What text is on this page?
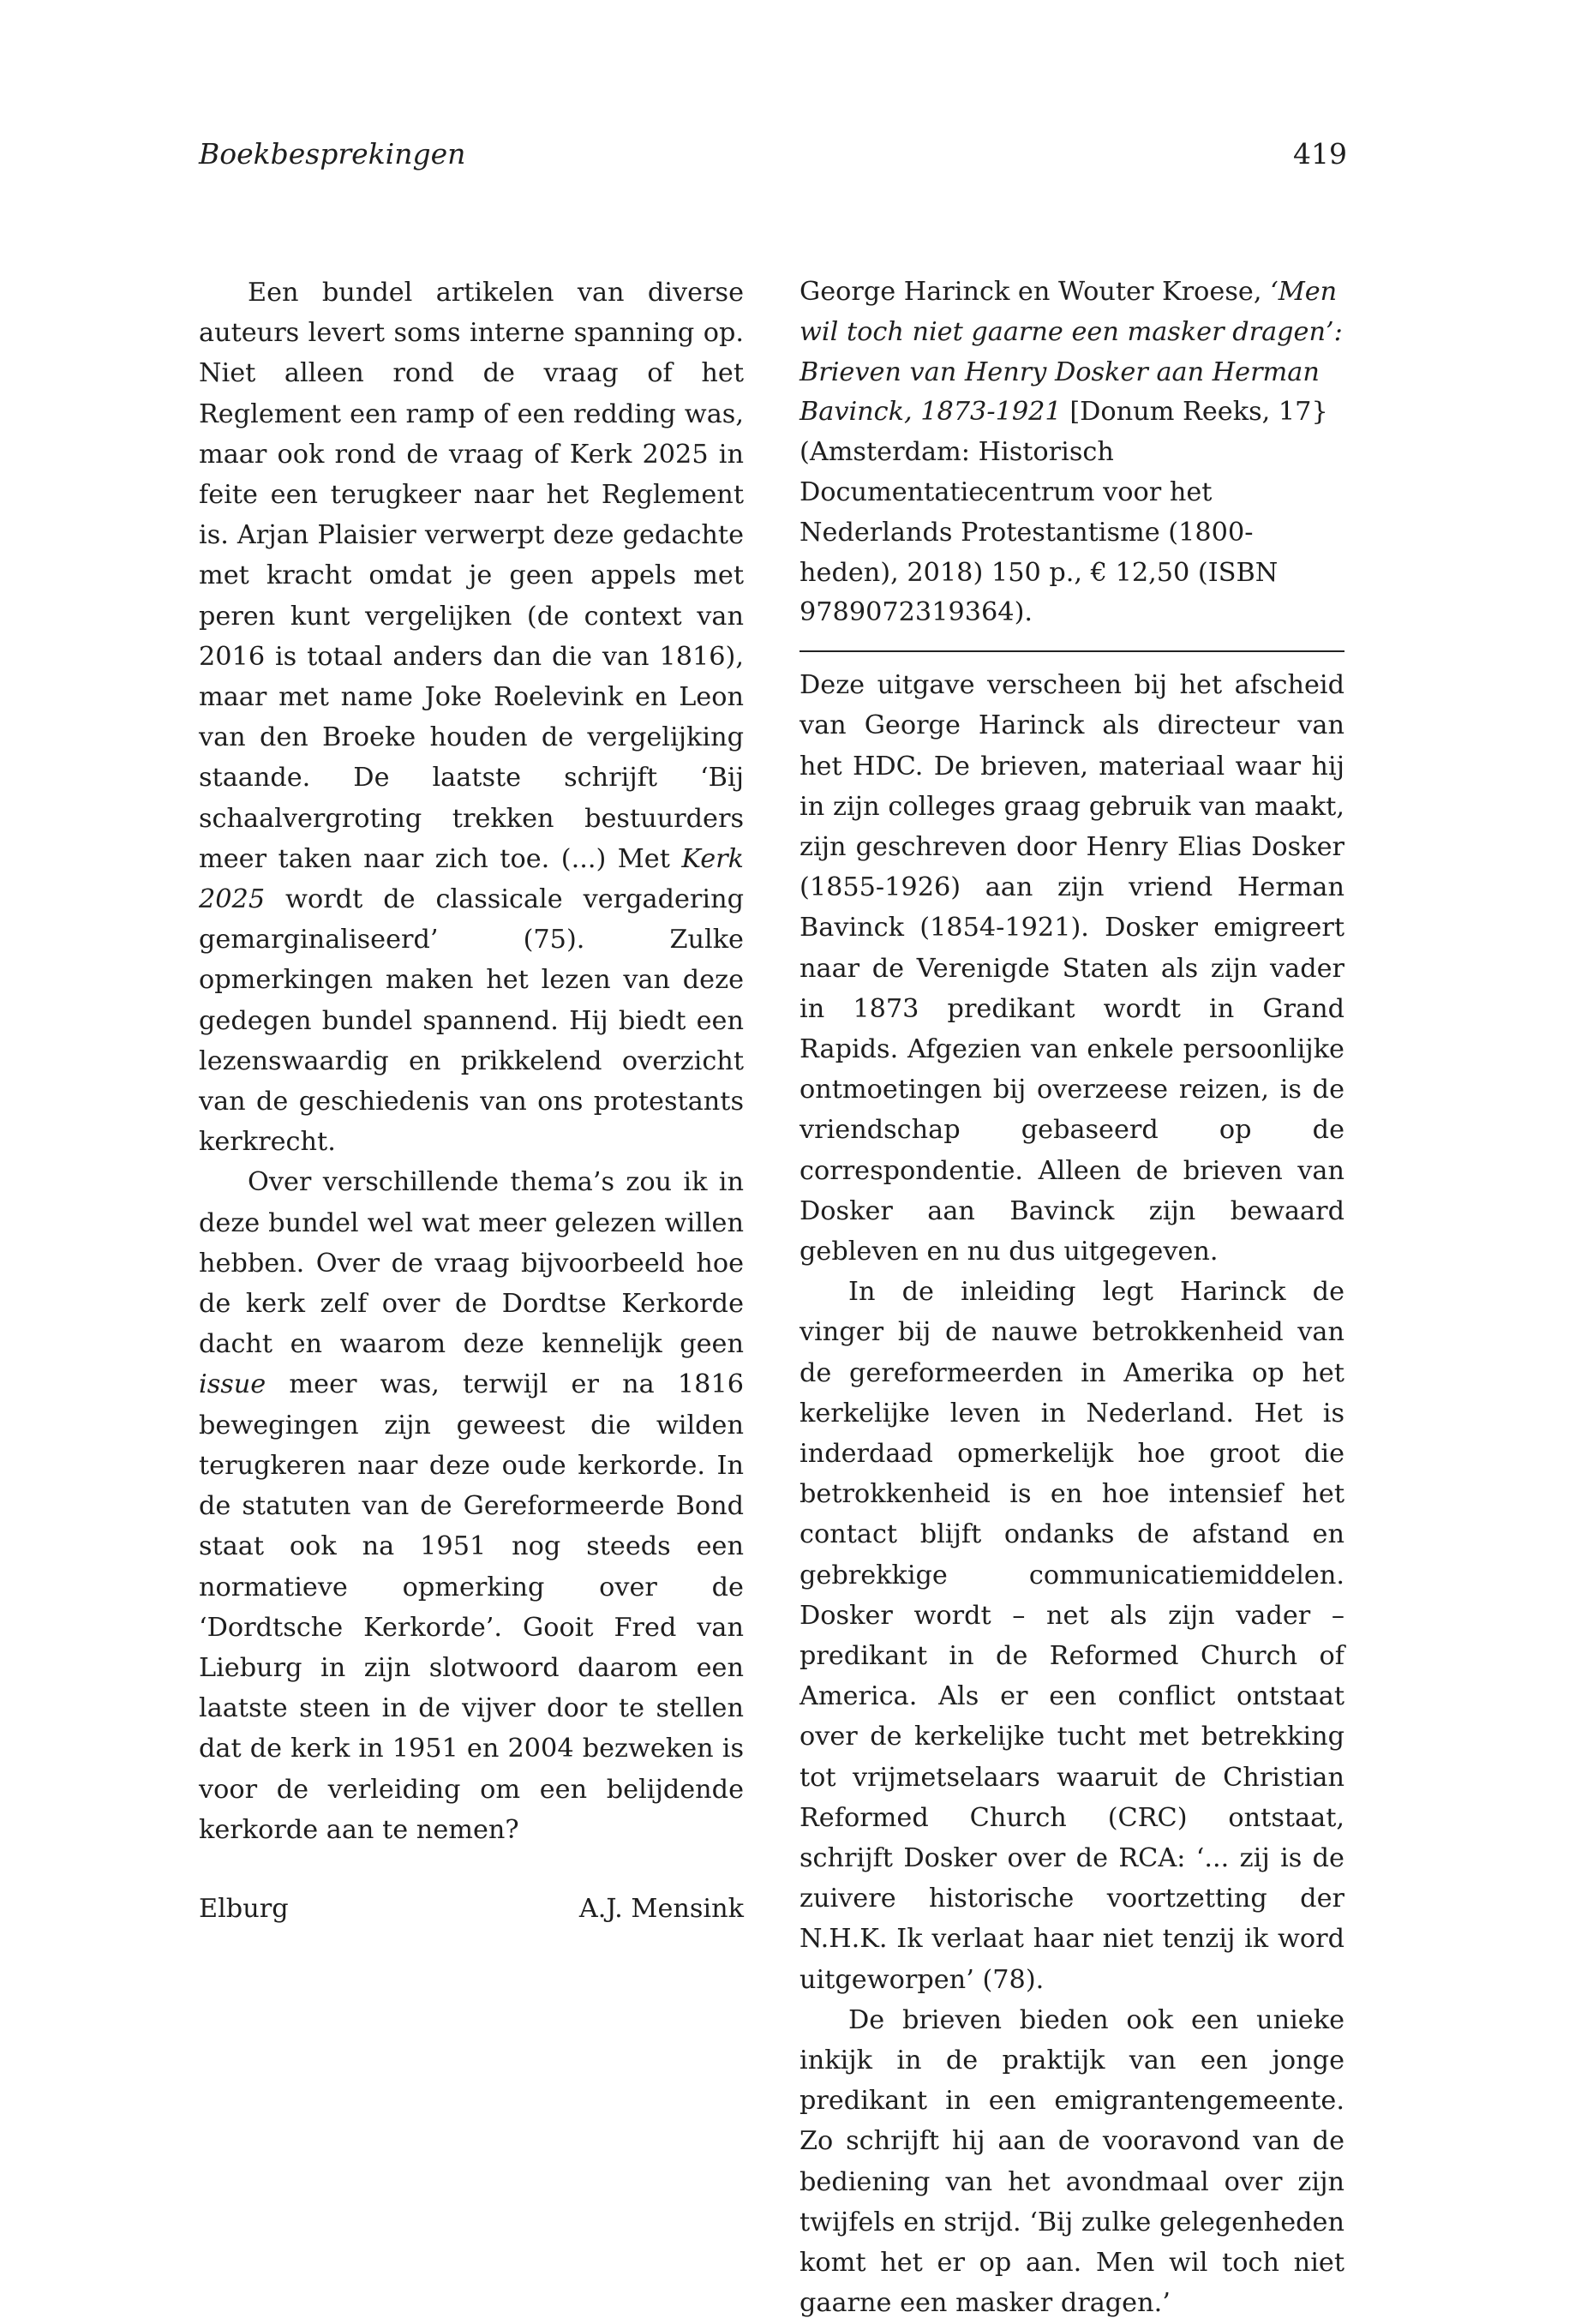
Boekbesprekingen	419

Een bundel artikelen van diverse auteurs levert soms interne spanning op. Niet alleen rond de vraag of het Reglement een ramp of een redding was, maar ook rond de vraag of Kerk 2025 in feite een terugkeer naar het Reglement is. Arjan Plaisier verwerpt deze gedachte met kracht omdat je geen appels met peren kunt vergelijken (de context van 2016 is totaal anders dan die van 1816), maar met name Joke Roelevink en Leon van den Broeke houden de vergelijking staande. De laatste schrijft ‘Bij schaalvergroting trekken bestuurders meer taken naar zich toe. (...) Met Kerk 2025 wordt de classicale vergadering gemarginaliseerd’ (75). Zulke opmerkingen maken het lezen van deze gedegen bundel spannend. Hij biedt een lezenswaardig en prikkelend overzicht van de geschiedenis van ons protestants kerkrecht.

Over verschillende thema’s zou ik in deze bundel wel wat meer gelezen willen hebben. Over de vraag bijvoorbeeld hoe de kerk zelf over de Dordtse Kerkorde dacht en waarom deze kennelijk geen issue meer was, terwijl er na 1816 bewegingen zijn geweest die wilden terugkeren naar deze oude kerkorde. In de statuten van de Gereformeerde Bond staat ook na 1951 nog steeds een normatieve opmerking over de ‘Dordtsche Kerkorde’. Gooit Fred van Lieburg in zijn slotwoord daarom een laatste steen in de vijver door te stellen dat de kerk in 1951 en 2004 bezweken is voor de verleiding om een belijdende kerkorde aan te nemen?

Elburg	A.J. Mensink

George Harinck en Wouter Kroese, ‘Men wil toch niet gaarne een masker dragen’: Brieven van Henry Dosker aan Herman Bavinck, 1873-1921 [Donum Reeks, 17} (Amsterdam: Historisch Documentatiecentrum voor het Nederlands Protestantisme (1800-heden), 2018) 150 p., € 12,50 (ISBN 9789072319364).

Deze uitgave verscheen bij het afscheid van George Harinck als directeur van het HDC. De brieven, materiaal waar hij in zijn colleges graag gebruik van maakt, zijn geschreven door Henry Elias Dosker (1855-1926) aan zijn vriend Herman Bavinck (1854-1921). Dosker emigreert naar de Verenigde Staten als zijn vader in 1873 predikant wordt in Grand Rapids. Afgezien van enkele persoonlijke ontmoetingen bij overzeese reizen, is de vriendschap gebaseerd op de correspondentie. Alleen de brieven van Dosker aan Bavinck zijn bewaard gebleven en nu dus uitgegeven.

In de inleiding legt Harinck de vinger bij de nauwe betrokkenheid van de gereformeerden in Amerika op het kerkelijke leven in Nederland. Het is inderdaad opmerkelijk hoe groot die betrokkenheid is en hoe intensief het contact blijft ondanks de afstand en gebrekkige communicatiemiddelen. Dosker wordt – net als zijn vader – predikant in de Reformed Church of America. Als er een conflict ontstaat over de kerkelijke tucht met betrekking tot vrijmetselaars waaruit de Christian Reformed Church (CRC) ontstaat, schrijft Dosker over de RCA: ‘... zij is de zuivere historische voortzetting der N.H.K. Ik verlaat haar niet tenzij ik word uitgeworpen’ (78).

De brieven bieden ook een unieke inkijk in de praktijk van een jonge predikant in een emigrantengemeente. Zo schrijft hij aan de vooravond van de bediening van het avondmaal over zijn twijfels en strijd. ‘Bij zulke gelegenheden komt het er op aan. Men wil toch niet gaarne een masker dragen.’
